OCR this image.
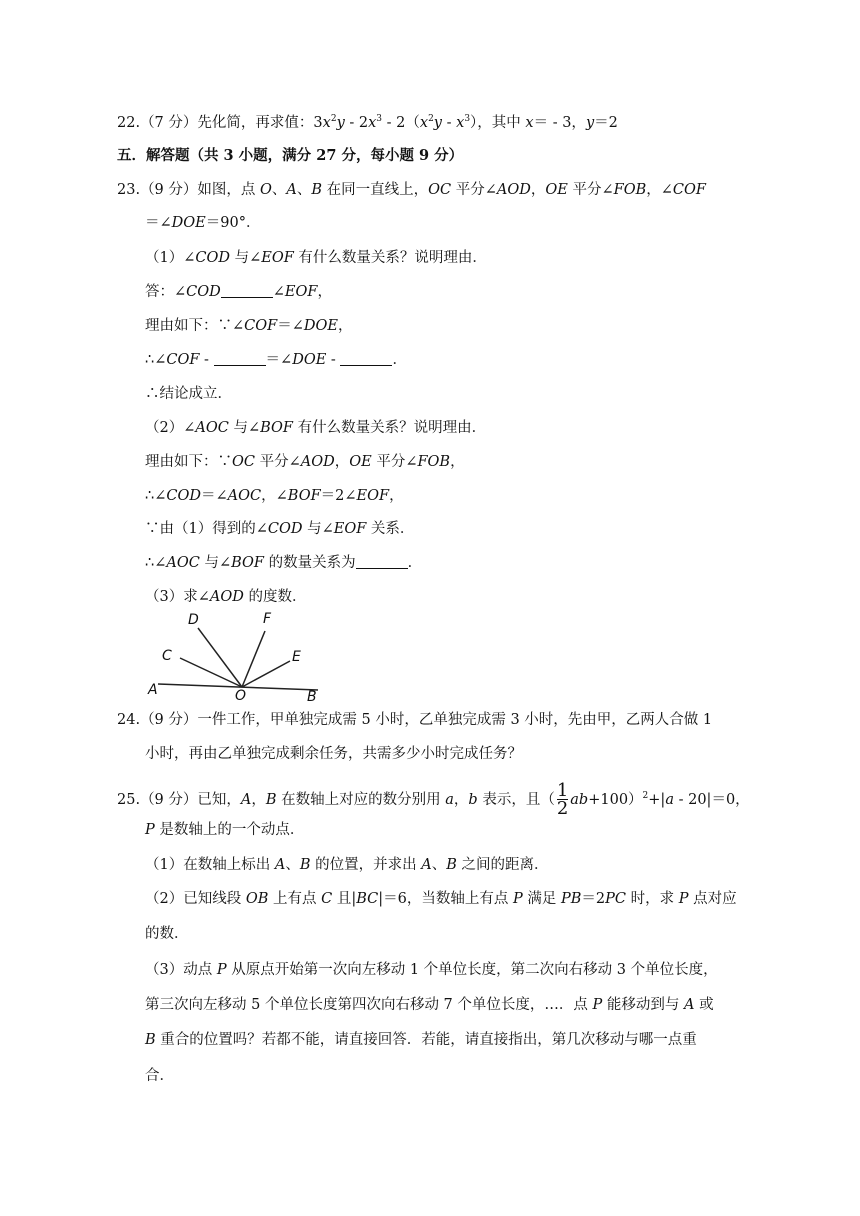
22.（7 分）先化简，再求值：$3x^2y - 2x^3 - 2(x^2y - x^3)$，其中 x＝ - 3，y＝2
五．解答题（共 3 小题，满分 27 分，每小题 9 分）
23.（9 分）如图，点 O、A、B 在同一直线上，OC 平分∠AOD，OE 平分∠FOB，∠COF
＝∠DOE＝90°．
（1）∠COD 与∠EOF 有什么数量关系？说明理由．
答：∠COD	∠EOF，
理由如下：∵∠COF＝∠DOE，
∴∠COF -	＝∠DOE -	．
∴结论成立．
（2）∠AOC 与∠BOF 有什么数量关系？说明理由．
理由如下：∵OC 平分∠AOD，OE 平分∠FOB，
∴∠COD＝∠AOC，∠BOF＝2∠EOF，
∵由（1）得到的∠COD 与∠EOF 关系．
∴∠AOC 与∠BOF 的数量关系为	．
（3）求∠AOD 的度数．
A	O	B
C
D	F
E
24.（9 分）一件工作，甲单独完成需 5 小时，乙单独完成需 3 小时，先由甲，乙两人合做 1
小时，再由乙单独完成剩余任务，共需多少小时完成任务？
25.（9 分）已知，A，B 在数轴上对应的数分别用 a，b 表示，且（ $\frac{1}{2} ab+100)^2+|a - 20|=0$，
P 是数轴上的一个动点．
（1）在数轴上标出 A、B 的位置，并求出 A、B 之间的距离．
（2）已知线段 OB 上有点 C 且|BC|＝6，当数轴上有点 P 满足 PB＝2PC 时，求 P 点对应
的数．
（3）动点 P 从原点开始第一次向左移动 1 个单位长度，第二次向右移动 3 个单位长度，
第三次向左移动 5 个单位长度第四次向右移动 7 个单位长度，…．点 P 能移动到与 A 或
B 重合的位置吗？若都不能，请直接回答．若能，请直接指出，第几次移动与哪一点重
合．
